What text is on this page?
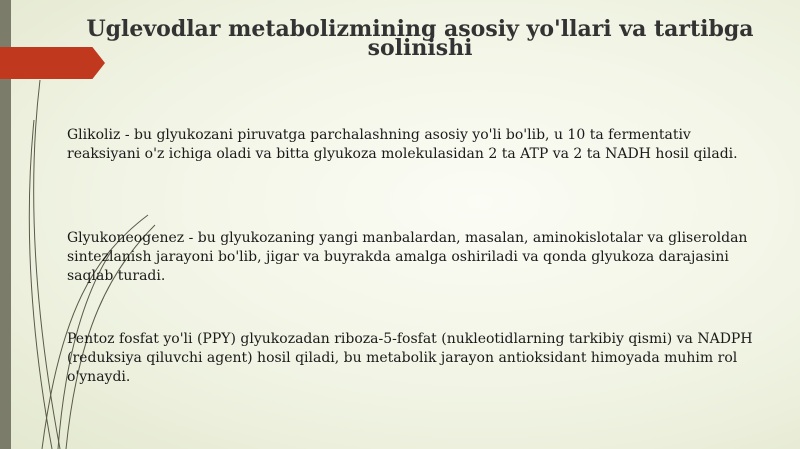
Uglevodlar metabolizmining asosiy yo'llari va tartibga solinishi

Glikoliz - bu glyukozani piruvatga parchalashning asosiy yo'li bo'lib, u 10 ta fermentativ reaksiyani o'z ichiga oladi va bitta glyukoza molekulasidan 2 ta ATP va 2 ta NADH hosil qiladi.

Glyukoneogenez - bu glyukozaning yangi manbalardan, masalan, aminokislotalar va gliseroldan sintezlanish jarayoni bo'lib, jigar va buyrakda amalga oshiriladi va qonda glyukoza darajasini saqlab turadi.

Pentoz fosfat yo'li (PPY) glyukozadan riboza-5-fosfat (nukleotidlarning tarkibiy qismi) va NADPH (reduksiya qiluvchi agent) hosil qiladi, bu metabolik jarayon antioksidant himoyada muhim rol o'ynaydi.
